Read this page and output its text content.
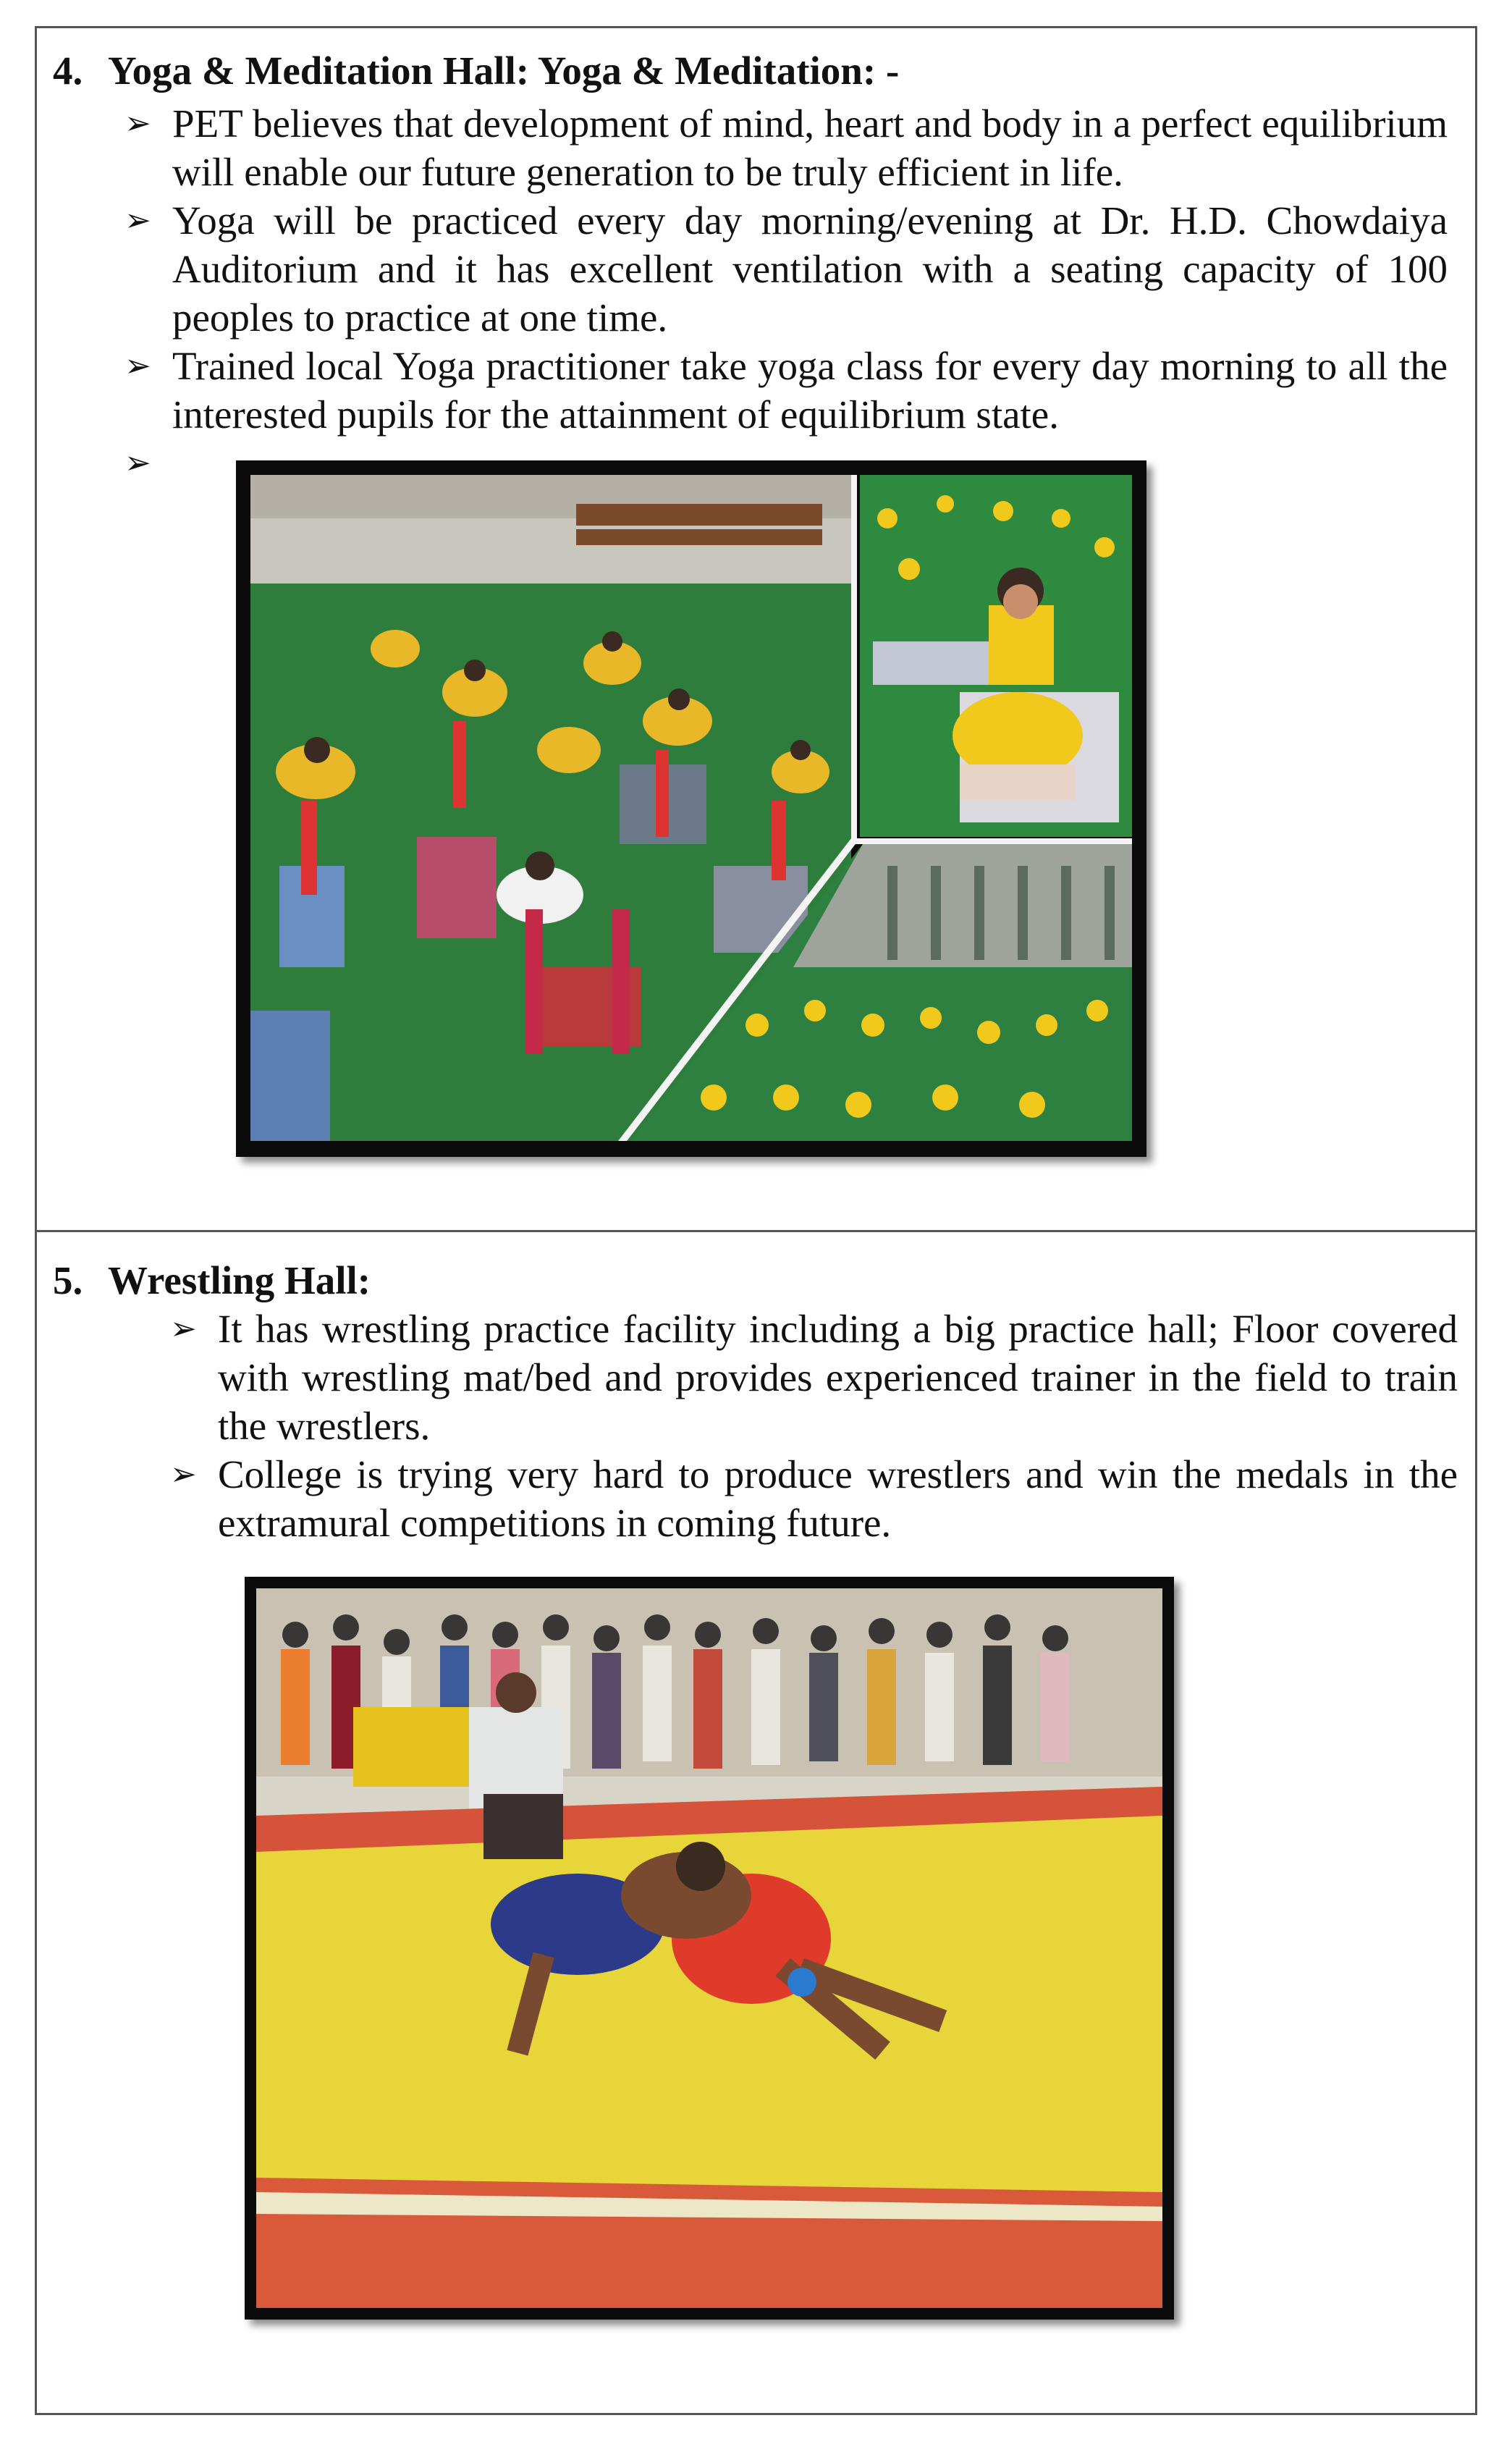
4. Yoga & Meditation Hall: Yoga & Meditation: -
➢ PET believes that development of mind, heart and body in a perfect equilibrium will enable our future generation to be truly efficient in life.
➢ Yoga will be practiced every day morning/evening at Dr. H.D. Chowdaiya Auditorium and it has excellent ventilation with a seating capacity of 100 peoples to practice at one time.
➢ Trained local Yoga practitioner take yoga class for every day morning to all the interested pupils for the attainment of equilibrium state.
➢

5. Wrestling Hall:
➢ It has wrestling practice facility including a big practice hall; Floor covered with wrestling mat/bed and provides experienced trainer in the field to train the wrestlers.
➢ College is trying very hard to produce wrestlers and win the medals in the extramural competitions in coming future.
